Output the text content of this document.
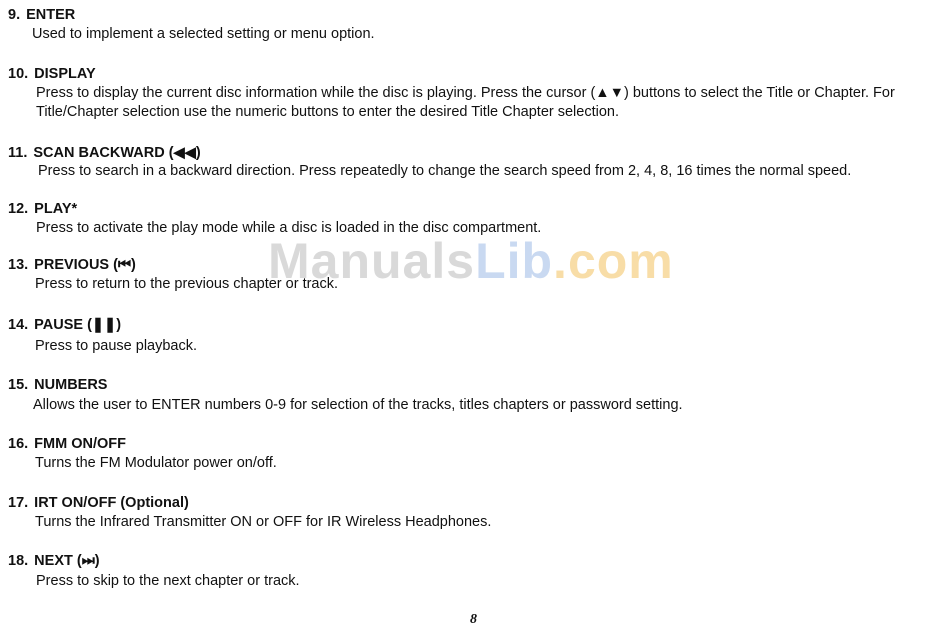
9. ENTER
Used to implement a selected setting or menu option.
10. DISPLAY
Press to display the current disc information while the disc is playing. Press the cursor (▲▼) buttons to select the Title or Chapter. For Title/Chapter selection use the numeric buttons to enter the desired Title Chapter selection.
11. SCAN BACKWARD (◀◀)
Press to search in a backward direction. Press repeatedly to change the search speed from 2, 4, 8, 16 times the normal speed.
12. PLAY*
Press to activate the play mode while a disc is loaded in the disc compartment.
13. PREVIOUS (⏮)
Press to return to the previous chapter or track.
14. PAUSE (❚❚)
Press to pause playback.
15. NUMBERS
Allows the user to ENTER numbers 0-9 for selection of the tracks, titles chapters or password setting.
16. FMM ON/OFF
Turns the FM Modulator power on/off.
17. IRT ON/OFF (Optional)
Turns the Infrared Transmitter ON or OFF for IR Wireless Headphones.
18. NEXT (⏭)
Press to skip to the next chapter or track.
ManualsLib.com
8
